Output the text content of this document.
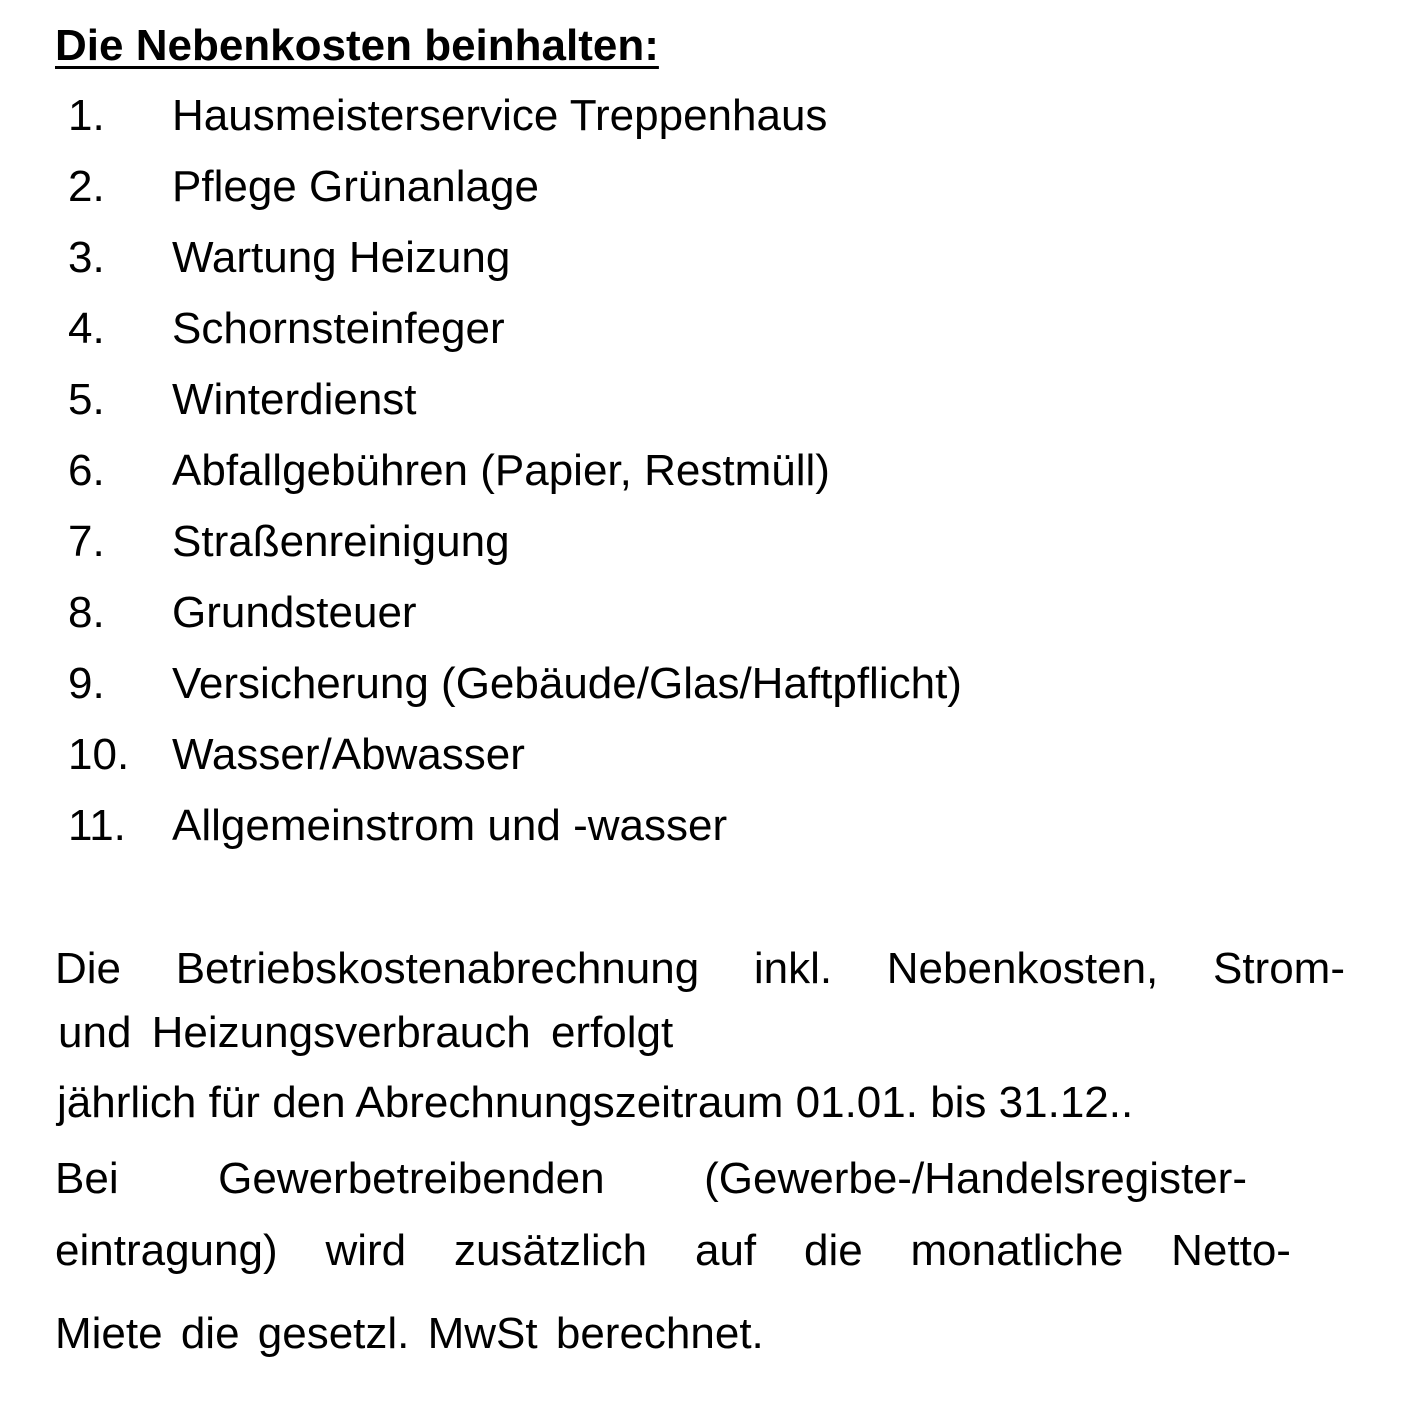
Die Nebenkosten beinhalten:
1. Hausmeisterservice Treppenhaus
2. Pflege Grünanlage
3. Wartung Heizung
4. Schornsteinfeger
5. Winterdienst
6. Abfallgebühren (Papier, Restmüll)
7. Straßenreinigung
8. Grundsteuer
9. Versicherung (Gebäude/Glas/Haftpflicht)
10. Wasser/Abwasser
11. Allgemeinstrom und -wasser
Die Betriebskostenabrechnung inkl. Nebenkosten, Strom-
und Heizungsverbrauch erfolgt
jährlich für den Abrechnungszeitraum 01.01. bis 31.12..
Bei Gewerbetreibenden (Gewerbe-/Handelsregister-
eintragung) wird zusätzlich auf die monatliche Netto-
Miete die gesetzl. MwSt berechnet.
